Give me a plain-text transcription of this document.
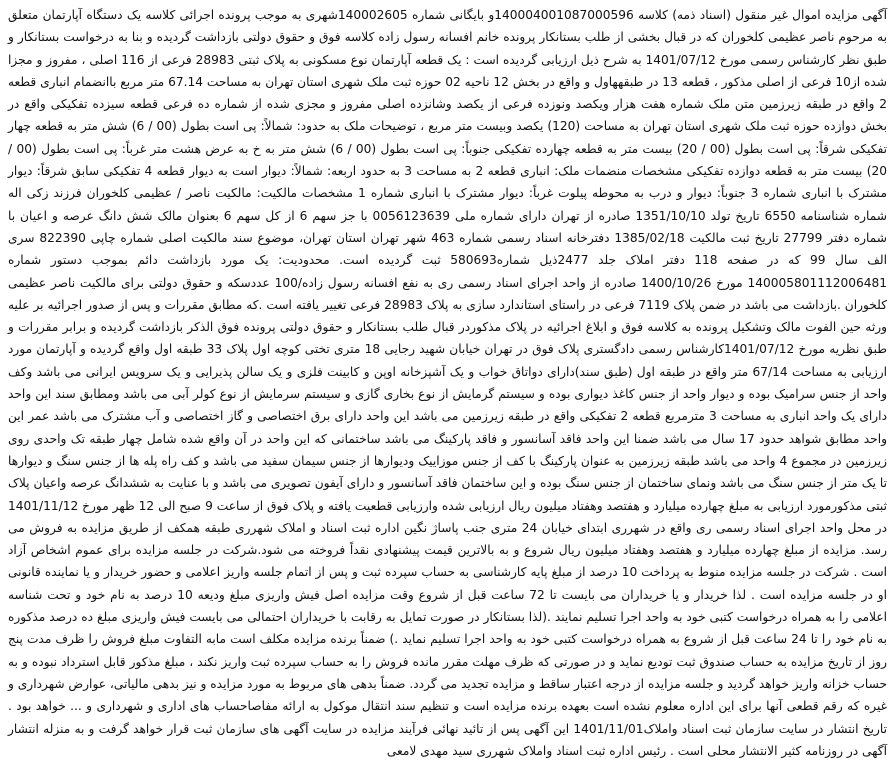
آگهی مزایده اموال غیر منقول (اسناد ذمه) کلاسه 140004001087000596و بایگانی شماره 140002605شهری به موجب پرونده اجرائی کلاسه یک دستگاه آپارتمان متعلق به مرحوم ناصر عظیمی کلخوران که در قبال بخشی از طلب بستانکار پرونده خانم افسانه رسول زاده کلاسه فوق و حقوق دولتی بازداشت گردیده و بنا به درخواست بستانکار و طبق نظر کارشناس رسمی مورخ 1401/07/12 به شرح ذیل ارزیابی گردیده است : یک قطعه آپارتمان نوع مسکونی به پلاک ثبتی 28983 فرعی از 116 اصلی ، مفروز و مجزا شده از10 فرعی از اصلی مذکور ، قطعه 13 در طبقههاول و واقع در بخش 12 ناحیه 02 حوزه ثبت ملک شهری استان تهران به مساحت 67.14 متر مربع باانضمام انباری قطعه 2 واقع در طبقه زیرزمین متن ملک شماره هفت هزار ویکصد ونوزده فرعی از یکصد وشانزده اصلی مفروز و مجزی شده از شماره ده فرعی قطعه سیزده تفکیکی واقع در بخش دوازده حوزه ثبت ملک شهری استان تهران به مساحت (120) یکصد وبیست متر مربع ، توضیحات ملک به حدود: شمالاً: پی است بطول (00 / 6) شش متر به قطعه چهار تفکیکی شرقاً: پی است بطول (00 / 20) بیست متر به قطعه چهارده تفکیکی جنوباً: پی است بطول (00 / 6) شش متر به خ به عرض هشت متر غرباً: پی است بطول (00 / 20) بیست متر به قطعه دوازده تفکیکی مشخصات منضمات ملک: انباری قطعه 2 به مساحت 3 به حدود اربعه: شمالاً: دیوار است به دیوار قطعه 4 تفکیکی سابق شرقاً: دیوار مشترک با انباری شماره 3 جنوباً: دیوار و درب به محوطه پیلوت غرباً: دیوار مشترک با انباری شماره 1 مشخصات مالکیت: مالکیت ناصر / عظیمی کلخوران فرزند زکی اله شماره شناسنامه 6550 تاریخ تولد 1351/10/10 صادره از تهران دارای شماره ملی 0056123639 با جز سهم 6 از کل سهم 6 بعنوان مالک شش دانگ عرصه و اعیان با شماره دفتر 27799 تاریخ ثبت مالکیت 1385/02/18 دفترخانه اسناد رسمی شماره 463 شهر تهران استان تهران، موضوع سند مالکیت اصلی شماره چاپی 822390 سری الف سال 99 که در صفحه 118 دفتر املاک جلد 2477ذیل شماره580693 ثبت گردیده است. محدودیت: یک مورد بازداشت دائم بموجب دستور شماره 140005801112006481 مورخ 1400/10/26 صادره از واحد اجرای اسناد رسمی ری به نفع افسانه رسول زاده/100 عددسکه و حقوق دولتی برای مالکیت ناصر عظیمی کلخوران .بازداشت می باشد در ضمن پلاک 7119 فرعی در راستای استاندارد سازی به پلاک 28983 فرعی تغییر یافته است .که مطابق مقررات و پس از صدور اجرائیه بر علیه ورثه حین الفوت مالک وتشکیل پرونده به کلاسه فوق و ابلاغ اجرائیه در پلاک مذکوردر قبال طلب بستانکار و حقوق دولتی پرونده فوق الذکر بازداشت گردیده و برابر مقررات و طبق نظریه مورخ 1401/07/12کارشناس رسمی دادگستری پلاک فوق در تهران خیابان شهید رجایی 18 متری تختی کوچه اول پلاک 33 طبقه اول واقع گردیده و آپارتمان مورد ارزیابی به مساحت 67/14 متر واقع در طبقه اول (طبق سند)دارای دواتاق خواب و یک آشپزخانه اوپن و کابینت فلزی و یک سالن پذیرایی و یک سرویس ایرانی می باشد وکف واحد از جنس سرامیک بوده و دیوار واحد از جنس کاغذ دیواری بوده و سیستم گرمایش از نوع بخاری گازی و سیستم سرمایش از نوع کولر آبی می باشد ومطابق سند این واحد دارای یک واحد انباری به مساحت 3 مترمربع قطعه 2 تفکیکی واقع در طبقه زیرزمین می باشد این واحد دارای برق اختصاصی و گاز اختصاصی و آب مشترک می باشد عمر این واحد مطابق شواهد حدود 17 سال می باشد ضمنا این واحد فاقد آسانسور و فاقد پارکینگ می باشد ساختمانی که این واحد در آن واقع شده شامل چهار طبقه تک واحدی روی زیرزمین در مجموع 4 واحد می باشد طبقه زیرزمین به عنوان پارکینگ با کف از جنس موزاییک ودیوارها از جنس سیمان سفید می باشد و کف راه پله ها از جنس سنگ و دیوارها تا یک متر از جنس سنگ می باشد ونمای ساختمان از جنس سنگ بوده و این ساختمان فاقد آسانسور و دارای آیفون تصویری می باشد و با عنایت به ششدانگ عرصه واعیان پلاک ثبتی مذکورمورد ارزیابی به مبلغ چهارده میلیارد و هفتصد وهفتاد میلیون ریال ارزیابی شده وارزیابی قطعیت یافته و پلاک فوق از ساعت 9 صبح الی 12 ظهر مورخ 1401/11/12 در محل واحد اجرای اسناد رسمی ری واقع در شهرری ابتدای خیابان 24 متری جنب پاساژ نگین اداره ثبت اسناد و املاک شهرری طبقه همکف از طریق مزایده به فروش می رسد. مزایده از مبلغ چهارده میلیارد و هفتصد وهفتاد میلیون ریال شروع و به بالاترین قیمت پیشنهادی نقداً فروخته می شود.شرکت در جلسه مزایده برای عموم اشخاص آزاد است . شرکت در جلسه مزایده منوط به پرداخت 10 درصد از مبلغ پایه کارشناسی به حساب سپرده ثبت و پس از اتمام جلسه واریز اعلامی و حضور خریدار و یا نماینده قانونی او در جلسه مزایده است . لذا خریدار و یا خریداران می بایست تا 72 ساعت قبل از شروع وقت مزایده اصل فیش واریزی مبلغ ودیعه 10 درصد به نام خود و تحت شناسه اعلامی را به همراه درخواست کتبی خود به واحد اجرا تسلیم نمایند .(لذا بستانکار در صورت تمایل به رقابت با خریداران احتمالی می بایست فیش واریزی مبلغ ده درصد مذکوره به نام خود را تا 24 ساعت قبل از شروع به همراه درخواست کتبی خود به واحد اجرا تسلیم نماید .) ضمناً برنده مزایده مکلف است مابه التفاوت مبلغ فروش را ظرف مدت پنج روز از تاریخ مزایده به حساب صندوق ثبت تودیع نماید و در صورتی که ظرف مهلت مقرر مانده فروش را به حساب سپرده ثبت واریز نکند ، مبلغ مذکور قابل استرداد نبوده و به حساب خزانه واریز خواهد گردید و جلسه مزایده از درجه اعتبار ساقط و مزایده تجدید می گردد. ضمناً بدهی های مربوط به مورد مزایده و نیز بدهی مالیاتی، عوارض شهرداری و غیره که رقم قطعی آنها برای این اداره معلوم نشده است بعهده برنده مزایده است و تنظیم سند انتقال موکول به ارائه مفاصاحساب های اداری و شهرداری و ... خواهد بود . تاریخ انتشار در سایت سازمان ثبت اسناد واملاک1401/11/01 این آگهی پس از تائید نهائی فرآیند مزایده در سایت آگهی های سازمان ثبت قرار خواهد گرفت و به منزله انتشار آگهی در روزنامه کثیر الانتشار محلی است . رئیس اداره ثبت اسناد واملاک شهرری سید مهدی لامعی
